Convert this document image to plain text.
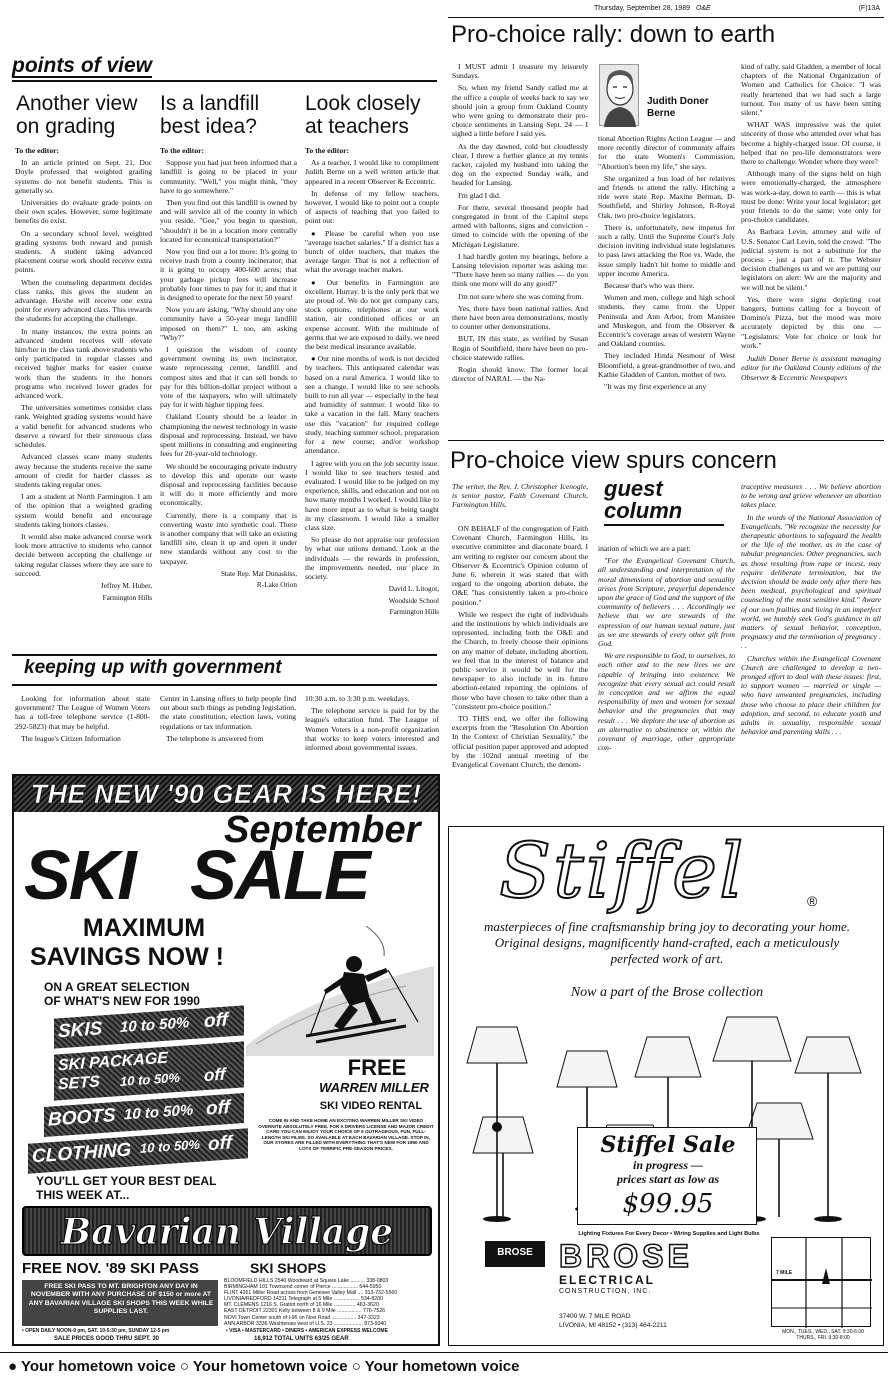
Thursday, September 28, 1989 O&E	(F)13A
points of view
Another view on grading

To the editor:

In an article printed on Sept. 21, Doc Doyle professed that weighted grading systems do not benefit students. This is generally so.

Universities do evaluate grade points on their own scales. However, some legitimate benefits do exist.

On a secondary school level, weighted grading systems both reward and punish students. A student taking advanced placement course work should receive extra points.

When the counseling department decides class ranks, this gives the student an advantage. He/she will receive one extra point for every advanced class. This rewards the students for accepting the challenge.

In many instances, the extra points an advanced student receives will elevate him/her in the class rank above students who only participated in regular classes and received higher marks for easier course work than the students in the honors programs who received lower grades for advanced work.

The universities sometimes consider class rank. Weighted grading systems would have a valid benefit for advanced students who deserve a reward for their strenuous class schedules.

Advanced classes scare many students away because the students receive the same amount of credit for harder classes as students taking regular ones.

I am a student at North Farmington. I am of the opinion that a weighted grading system would benefit and encourage students taking honors classes.

It would also make advanced course work look more attractive to students who cannot decide between accepting the challenge or taking regular classes where they are sure to succeed.

Jeffrey M. Huber,

Farmington Hills

Is a landfill best idea?

To the editor:

Suppose you had just been informed that a landfill is going to be placed in your community. "Well," you might think, "they have to go somewhere."

Then you find out this landfill is owned by and will service all of the county in which you reside. "Gee," you begin to question, "shouldn't it be in a location more centrally located for economical transportation?"

Now you find out a lot more: It's going to receive trash from a county incinerator; that it is going to occupy 400-600 acres; that your garbage pickup fees will increase probably four times to pay for it; and that it is designed to operate for the next 50 years!

Now you are asking, "Why should any one community have a 50-year mega landfill imposed on them?" I, too, am asking "Why?"

I question the wisdom of county government owning its own incinerator, waste reprocessing center, landfill and compost sites and that it can sell bonds to pay for this billion-dollar project without a vote of the taxpayers, who will ultimately pay for it with higher tipping fees.

Oakland County should be a leader in championing the newest technology in waste disposal and reprocessing. Instead, we have spent millions in consulting and engineering fees for 20-year-old technology.

We should be encouraging private industry to develop this and operate our waste disposal and reprocessing facilities because it will do it more efficiently and more economically.

Currently, there is a company that is converting waste into synthetic coal. There is another company that will take an existing landfill site, clean it up and open it under new standards without any cost to the taxpayer.

State Rep. Mat Dunaskiss,

R-Lake Orion

Look closely at teachers

To the editor:

As a teacher, I would like to compliment Judith Berne on a well written article that appeared in a recent Observer & Eccentric.

In defense of my fellow teachers, however, I would like to point out a couple of aspects of teaching that you failed to point out:

● Please be careful when you use "average teacher salaries." If a district has a bunch of older teachers, that makes the average larger. That is not a reflection of what the average teacher makes.

● Our benefits in Farmington are excellent. Hurray. It is the only perk that we are proud of. We do not get company cars, stock options, telephones at our work station, air conditioned offices or an expense account. With the multitude of germs that we are exposed to daily, we need the best medical insurance available.

● Our nine months of work is not decided by teachers. This antiquated calendar was based on a rural America. I would like to see a change. I would like to see schools built to run all year — especially in the heat and humidity of summer. I would like to take a vacation in the fall. Many teachers use this "vacation" for required college study, teaching summer school, preparation for a new course; and/or workshop attendance.

I agree with you on the job security issue. I would like to see teachers tested and evaluated. I would like to be judged on my experience, skills, and education and not on how many months I worked. I would like to have more input as to what is being taught in my classroom. I would like a smaller class size.

So please do not appraise our profession by what our unions demand. Look at the individuals — the rewards in profession, the improvements needed, our place in society.

David L. Litogot,

Woodside School

Farmington Hills

Pro-choice rally: down to earth

I MUST admit I treasure my leisurely Sundays.

So, when my friend Sandy called me at the office a couple of weeks back to say we should join a group from Oakland County who were going to demonstrate their pro-choice sentiments in Lansing Sept. 24 — I sighed a little before I said yes.

As the day dawned, cold but cloudlessly clear, I threw a further glance at my tennis racket, cajoled my husband into taking the dog on the expected Sunday walk, and headed for Lansing.

I'm glad I did.

For there, several thousand people had congregated in front of the Capitol steps armed with balloons, signs and conviction - timed to coincide with the opening of the Michigan Legislature.

I had hardly gotten my bearings, before a Lansing television reporter was asking me: "There have been so many rallies — do you think one more will do any good?"

I'm not sure where she was coming from.

Yes, there have been national rallies. And there have been area demonstrations, mostly to counter other demonstrations.

BUT, IN this state, as verified by Susan Rogin of Southfield, there have been no pro-choice statewide rallies.

Rogin should know. The former local director of NARAL — the Na-

Judith Doner Berne

tional Abortion Rights Action League — and more recently director of community affairs for the state Women's Commission, "Abortion's been my life," she says.

She organized a bus load of her relatives and friends to attend the rally. Hitching a ride were state Rep. Maxine Berman, D-Southfield, and Shirley Johnson, R-Royal Oak, two pro-choice legislators.

There is, unfortunately, new impetus for such a rally. Until the Supreme Court's July decision inviting individual state legislatures to pass laws attacking the Roe vs. Wade, the issue simply hadn't hit home to middle and upper income America.

Because that's who was there.

Women and men, college and high school students, they came from the Upper Peninsula and Ann Arbor, from Manistee and Muskegon, and from the Observer & Eccentric's coverage areas of western Wayne and Oakland counties.

They included Hinda Nesmour of West Bloomfield, a great-grandmother of two, and Kathie Gladden of Canton, mother of two.

"It was my first experience at any

kind of rally, said Gladden, a member of local chapters of the National Organization of Women and Catholics for Choice. "I was really heartened that we had such a large turnout. Too many of us have been sitting silent."

WHAT WAS impressive was the quiet sincerity of those who attended over what has become a highly-charged issue. Of course, it helped that no pro-life demonstrators were there to challenge. Wonder where they were?

Although many of the signs held on high were emotionally-charged, the atmosphere was work-a-day, down to earth — this is what must be done: Write your local legislator; get your friends to do the same; vote only for pro-choice candidates.

As Barbara Levin, attorney and wife of U.S. Senator Carl Levin, told the crowd: "The judicial system is not a substitute for the process - just a part of it. The Webster decision challenges us and we are putting our legislators on alert: We are the majority and we will not be silent."

Yes, there were signs depicting coat hangers, buttons calling for a boycott of Domino's Pizza, but the mood was more accurately depicted by this one — "Legislators: Vote for choice or look for work."

Judith Doner Berne is assistant managing editor for the Oakland County editions of the Observer & Eccentric Newspapers

Pro-choice view spurs concern
The writer, the Rev. J. Christopher Icenogle, is senior pastor, Faith Covenant Church, Farmington Hills.

ON BEHALF of the congregation of Faith Covenant Church, Farmington Hills, its executive committee and diaconate board, I am writing to register our concern about the Observer & Eccentric's Opinion column of June 6, wherein it was stated that with regard to the ongoing abortion debate, the O&E "has consistently taken a pro-choice position."

While we respect the right of individuals and the institutions by which individuals are represented, including both the O&E and the Church, to freely choose their opinions on any matter of debate, including abortion, we feel that in the interest of balance and public service it would be well for the newspaper to also include in its future abortion-related reporting the opinions of those who have chosen to take other than a "consistent pro-choice position."

TO THIS end, we offer the following excerpts from the "Resolution On Abortion In the Context of Christian Sexuality," the official position paper approved and adopted by the 102nd annual meeting of the Evangelical Covenant Church, the denom-

guest
column

ination of which we are a part:

"For the Evangelical Covenant Church, all understanding and interpretation of the moral dimensions of abortion and sexuality arises from Scripture, prayerful dependence upon the grace of God and the support of the community of believers . . . Accordingly we believe that we are stewards of the expression of our human sexual nature, just as we are stewards of every other gift from God.

We are responsible to God, to ourselves, to each other and to the new lives we are capable of bringing into existence. We recognize that every sexual act could result in conception and we affirm the equal responsibility of men and women for sexual behavior and the pregnancies that may result . . . We deplore the use of abortion as an alternative to abstinence or, within the covenant of marriage, other appropriate con-

traceptive measures . . . We believe abortion to be wrong and grieve whenever an abortion takes place.

In the words of the National Association of Evangelicals, "We recognize the necessity for therapeutic abortions to safeguard the health or the life of the mother, as in the case of tubular pregnancies. Other pregnancies, such as those resulting from rape or incest, may require deliberate termination, but the decision should be made only after there has been medical, psychological and spiritual counseling of the most sensitive kind." Aware of our own frailties and living in an imperfect world, we humbly seek God's guidance in all matters of sexual behavior, conception, pregnancy and the termination of pregnancy . . .

Churches within the Evangelical Covenant Church are challenged to develop a two-pronged effort to deal with these issues: first, to support women — married or single — who have unwanted pregnancies, including those who choose to place their children for adoption, and second, to educate youth and adults in sexuality, responsible sexual behavior and parenting skills . . .

keeping up with government

Looking for information about state government? The League of Women Voters has a toll-free telephone service (1-800-292-5823) that may be helpful.

The league's Citizen Information

Center in Lansing offers to help people find out about such things as pending legislation, the state constitution, election laws, voting regulations or tax information.

The telephone is answered from

10:30 a.m. to 3:30 p.m. weekdays.

The telephone service is paid for by the league's education fund. The League of Women Voters is a non-profit organization that works to keep voters interested and informed about governmental issues.

THE NEW '90 GEAR IS HERE!
September
SKI SALE
MAXIMUM
SAVINGS NOW !
ON A GREAT SELECTION
OF WHAT'S NEW FOR 1990
SKIS 10 to 50% off
SKI PACKAGE SETS	10 to 50% off
BOOTS 10 to 50% off
CLOTHING 10 to 50% off
FREE
WARREN MILLER
SKI VIDEO RENTAL
COME IN AND TAKE HOME AN EXCITING WARREN MILLER SKI VIDEO OVERNITE ABSOLUTELY FREE. FOR A DRIVERS LICENSE AND MAJOR CREDIT CARD YOU CAN ENJOY YOUR CHOICE OF 6 OUTRAGEOUS, FUN, FULL-LENGTH SKI FILMS. SO AVAILABLE AT EACH BAVARIAN VILLAGE. STOP IN, OUR STORES ARE FILLED WITH EVERYTHING THAT'S NEW FOR 1990 AND LOTS OF TERRIFIC PRE-SEASON PRICES.
YOU'LL GET YOUR BEST DEAL
THIS WEEK AT...
Bavarian Village
FREE NOV. '89 SKI PASS
FREE SKI PASS TO MT. BRIGHTON ANY DAY IN NOVEMBER WITH ANY PURCHASE OF $150 or more AT ANY BAVARIAN VILLAGE SKI SHOPS THIS WEEK WHILE SUPPLIES LAST.
SKI SHOPS
BLOOMFIELD HILLS 2540 Woodward at Square Lake .......... 338-0803
BIRMINGHAM 101 Townsend corner of Pierce .................. 644-5950
FLINT 4261 Miller Road across from Genesee Valley Mall .... 313-732-5560
LIVONIA/REDFORD 14211 Telegraph at 5 Mile .................. 534-8200
MT. CLEMENS 1216 S. Gratiot north of 16 Mile ............... 463-3620
EAST DETROIT 22301 Kelly between 8 & 9 Mile ................. 776-7526
NOVI Town Center south of I-96 on Novi Road ................. 347-3323
ANN ARBOR 3336 Washtenaw west of U.S. 23 .................... 973-9340
• OPEN DAILY NOON-9 pm, SAT. 10-5:30 pm, SUNDAY 12-5 pm	• VISA • MASTERCARD • DINERS • AMERICAN EXPRESS WELCOME
SALE PRICES GOOD THRU SEPT. 30	18,912 TOTAL UNITS 63/25 GEAR
Stiffel	®
masterpieces of fine craftsmanship bring joy to decorating your home. Original designs, magnificently hand-crafted, each a meticulously perfected work of art.
Now a part of the Brose collection
Stiffel Sale
in progress —
prices start as low as
$99.95
Lighting Fixtures For Every Decor • Wiring Supplies and Light Bulbs
BROSE BROSE
ELECTRICAL
CONSTRUCTION, INC.
37400 W. 7 MILE ROAD
LIVONIA, MI 48152 • (313) 464-2211
7 MILE
MON., TUES., WED., SAT. 9:30-6:00
THURS., FRI. 9:30-8:00
● Your hometown voice ○ Your hometown voice ○ Your hometown voice
